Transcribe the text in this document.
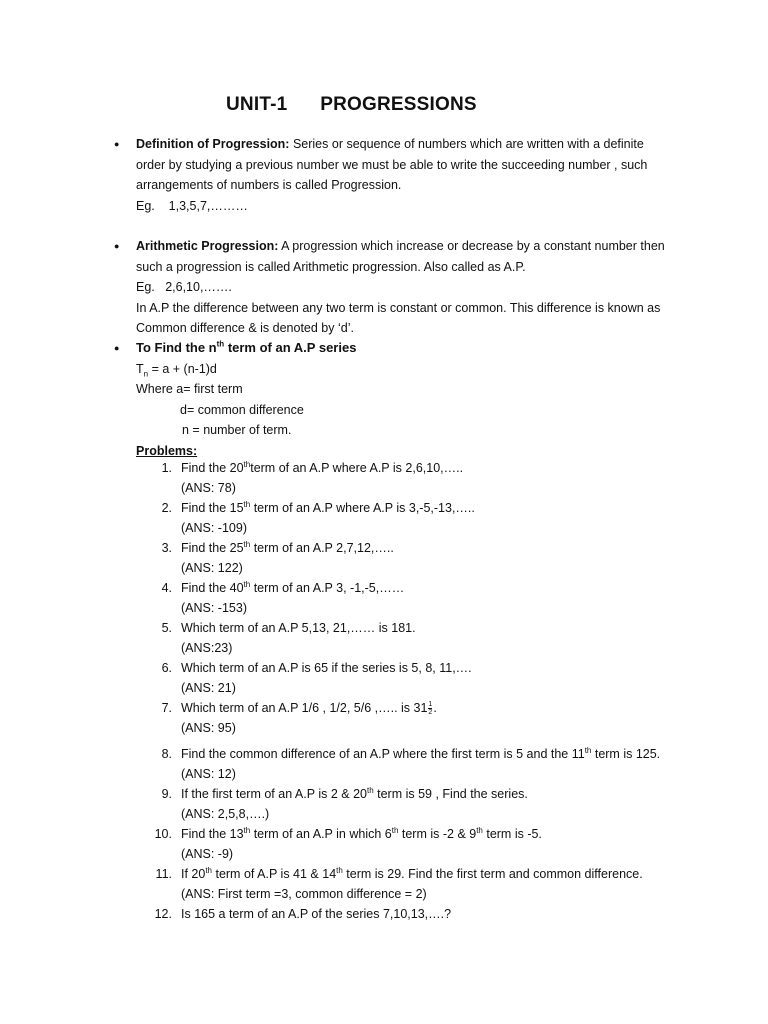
UNIT-1      PROGRESSIONS
● Definition of Progression: Series or sequence of numbers which are written with a definite

order by studying a previous number we must be able to write the succeeding number , such

arrangements of numbers is called Progression.

Eg. 1,3,5,7,………

● Arithmetic Progression: A progression which increase or decrease by a constant number then

such a progression is called Arithmetic progression. Also called as A.P.

Eg. 2,6,10,…….

In A.P the difference between any two term is constant or common. This difference is known as

Common difference & is denoted by ‘d’.

● To Find the $n^{th}$ term of an A.P series

$T_n = a + (n-1)d$

Where a= first term

d= common difference

n = number of term.

Problems:

1. Find the 20thterm of an A.P where A.P is 2,6,10,…..
(ANS: 78)
2. Find the 15th term of an A.P where A.P is 3,-5,-13,…..
(ANS: -109)
3. Find the 25th term of an A.P 2,7,12,…..
(ANS: 122)
4. Find the 40th term of an A.P 3, -1,-5,……
(ANS: -153)
5. Which term of an A.P 5,13, 21,…… is 181.
(ANS:23)
6. Which term of an A.P is 65 if the series is 5, 8, 11,….
(ANS: 21)
7. Which term of an A.P 1/6 , 1/2, 5/6 ,….. is $31 \frac{1}{2}$ .
(ANS: 95)
8. Find the common difference of an A.P where the first term is 5 and the 11th term is 125.
(ANS: 12)
9. If the first term of an A.P is 2 & 20th term is 59 , Find the series.
(ANS: 2,5,8,….)
10. Find the 13th term of an A.P in which 6th term is -2 & 9th term is -5.
(ANS: -9)
11. If 20th term of A.P is 41 & 14th term is 29. Find the first term and common difference.
(ANS: First term =3, common difference = 2)
12. Is 165 a term of an A.P of the series 7,10,13,….?
